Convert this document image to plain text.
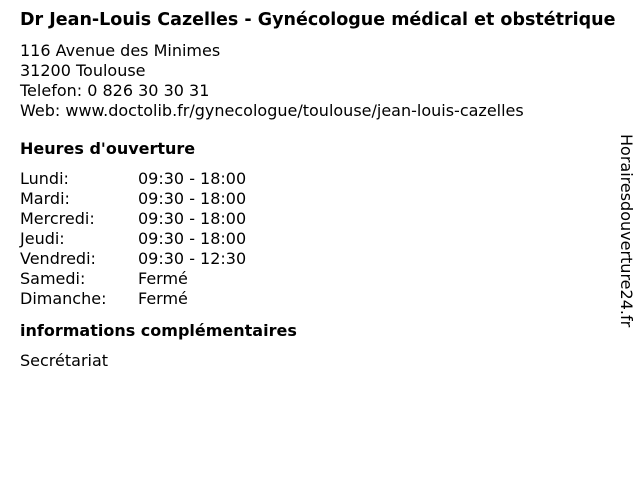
Dr Jean-Louis Cazelles - Gynécologue médical et obstétrique
116 Avenue des Minimes
31200 Toulouse
Telefon: 0 826 30 30 31
Web: www.doctolib.fr/gynecologue/toulouse/jean-louis-cazelles
Heures d'ouverture
Lundi:	09:30 - 18:00
Mardi:	09:30 - 18:00
Mercredi:	09:30 - 18:00
Jeudi:	09:30 - 18:00
Vendredi:	09:30 - 12:30
Samedi:	Fermé
Dimanche:	Fermé
informations complémentaires
Secrétariat
Horairesdouverture24.fr
